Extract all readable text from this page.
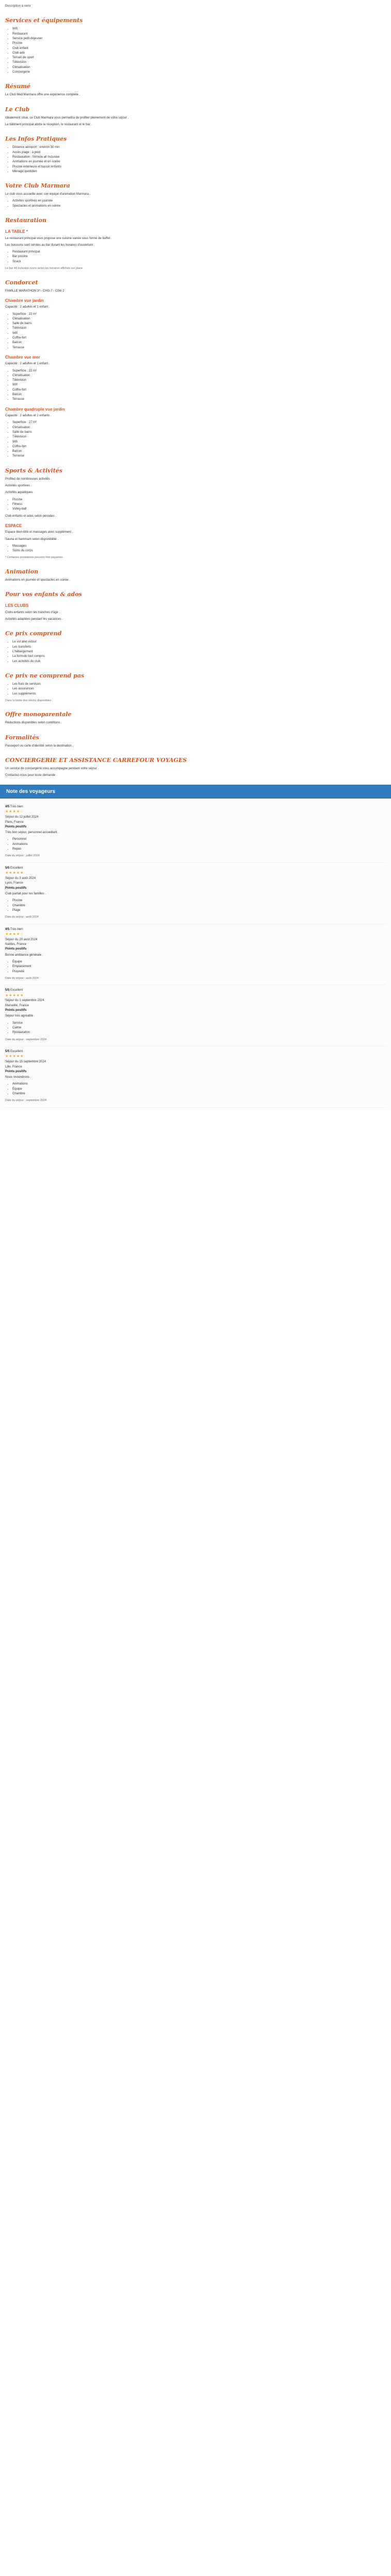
Description à venir

Services et équipements
• Wifi
• Restaurant
• Service petit-déjeuner
• Piscine
• Club enfant
• Club ado
• Terrain de sport
• Télévision
• Climatisation
• Conciergerie
Résumé

Le Club Med Marmara offre une expérience complète .

Le Club

Idéalement situé, ce Club Marmara vous permettra de profiter pleinement de votre séjour .

Le bâtiment principal abrite la réception, le restaurant et le bar .

Les Infos Pratiques
• Distance aéroport : environ 30 min
• Accès plage : à pied
• Restauration : formule all inclusive
• Animations en journée et en soirée
• Piscine extérieure et bassin enfants
• Ménage quotidien
Votre Club Marmara

Le club vous accueille avec son équipe d'animation Marmara .

• Activités sportives en journée
• Spectacles et animations en soirée
Restauration
LA TABLE *

Le restaurant principal vous propose une cuisine variée sous forme de buffet .

Les boissons sont servies au bar durant les horaires d'ouverture .

• Restaurant principal
• Bar piscine
• Snack

Le bar All Inclusive ouvre selon les horaires affichés sur place .

Condorcet

FAMILLE MARATHON 3* - CHG-7 - Côté 2

Chambre vue jardin

Capacité : 2 adultes et 1 enfant .

• Superficie : 22 m²
• Climatisation
• Salle de bains
• Télévision
• Wifi
• Coffre-fort
• Balcon
• Terrasse
Chambre vue mer

Capacité : 2 adultes et 1 enfant .

• Superficie : 22 m²
• Climatisation
• Télévision
• Wifi
• Coffre-fort
• Balcon
• Terrasse
Chambre quadruple vue jardin

Capacité : 2 adultes et 2 enfants .

• Superficie : 27 m²
• Climatisation
• Salle de bains
• Télévision
• Wifi
• Coffre-fort
• Balcon
• Terrasse
Sports & Activités

Profitez de nombreuses activités .

Activités sportives .

Activités aquatiques .

• Piscine
• Fitness
• Volley-ball

Club enfants et ados selon périodes .

ESPACE

Espace bien-être et massages avec supplément .

Sauna et hammam selon disponibilité .

• Massages
• Soins du corps

* Certaines prestations peuvent être payantes .

Animation

Animations en journée et spectacles en soirée .

Pour vos enfants & ados
LES CLUBS

Clubs enfants selon les tranches d'âge .

Activités adaptées pendant les vacances .

Ce prix comprend
• Le vol aller-retour
• Les transferts
• L'hébergement
• La formule tout compris
• Les activités du club
Ce prix ne comprend pas
• Les frais de services
• Les assurances
• Les suppléments

Dans la limite des stocks disponibles .

Offre monoparentale

Réductions disponibles selon conditions .

Formalités

Passeport ou carte d'identité selon la destination .

CONCIERGERIE ET ASSISTANCE CARREFOUR VOYAGES

Un service de conciergerie vous accompagne pendant votre séjour .

Contactez-nous pour toute demande .

Note des voyageurs
4/5 Très bien
★★★★☆
Séjour du 12 juillet 2024
Paris, France
Points positifs

Très bon séjour, personnel accueillant .

• Personnel
• Animations
• Repas
Date du séjour : juillet 2024
5/5 Excellent
★★★★★
Séjour du 3 août 2024
Lyon, France
Points positifs

Club parfait pour les familles .

• Piscine
• Chambre
• Plage
Date du séjour : août 2024
4/5 Très bien
★★★★☆
Séjour du 20 août 2024
Nantes, France
Points positifs

Bonne ambiance générale .

• Équipe
• Emplacement
• Propreté
Date du séjour : août 2024
5/5 Excellent
★★★★★
Séjour du 1 septembre 2024
Marseille, France
Points positifs

Séjour très agréable .

• Service
• Calme
• Restauration
Date du séjour : septembre 2024
5/5 Excellent
★★★★★
Séjour du 15 septembre 2024
Lille, France
Points positifs

Nous reviendrons .

• Animations
• Équipe
• Chambre
Date du séjour : septembre 2024
